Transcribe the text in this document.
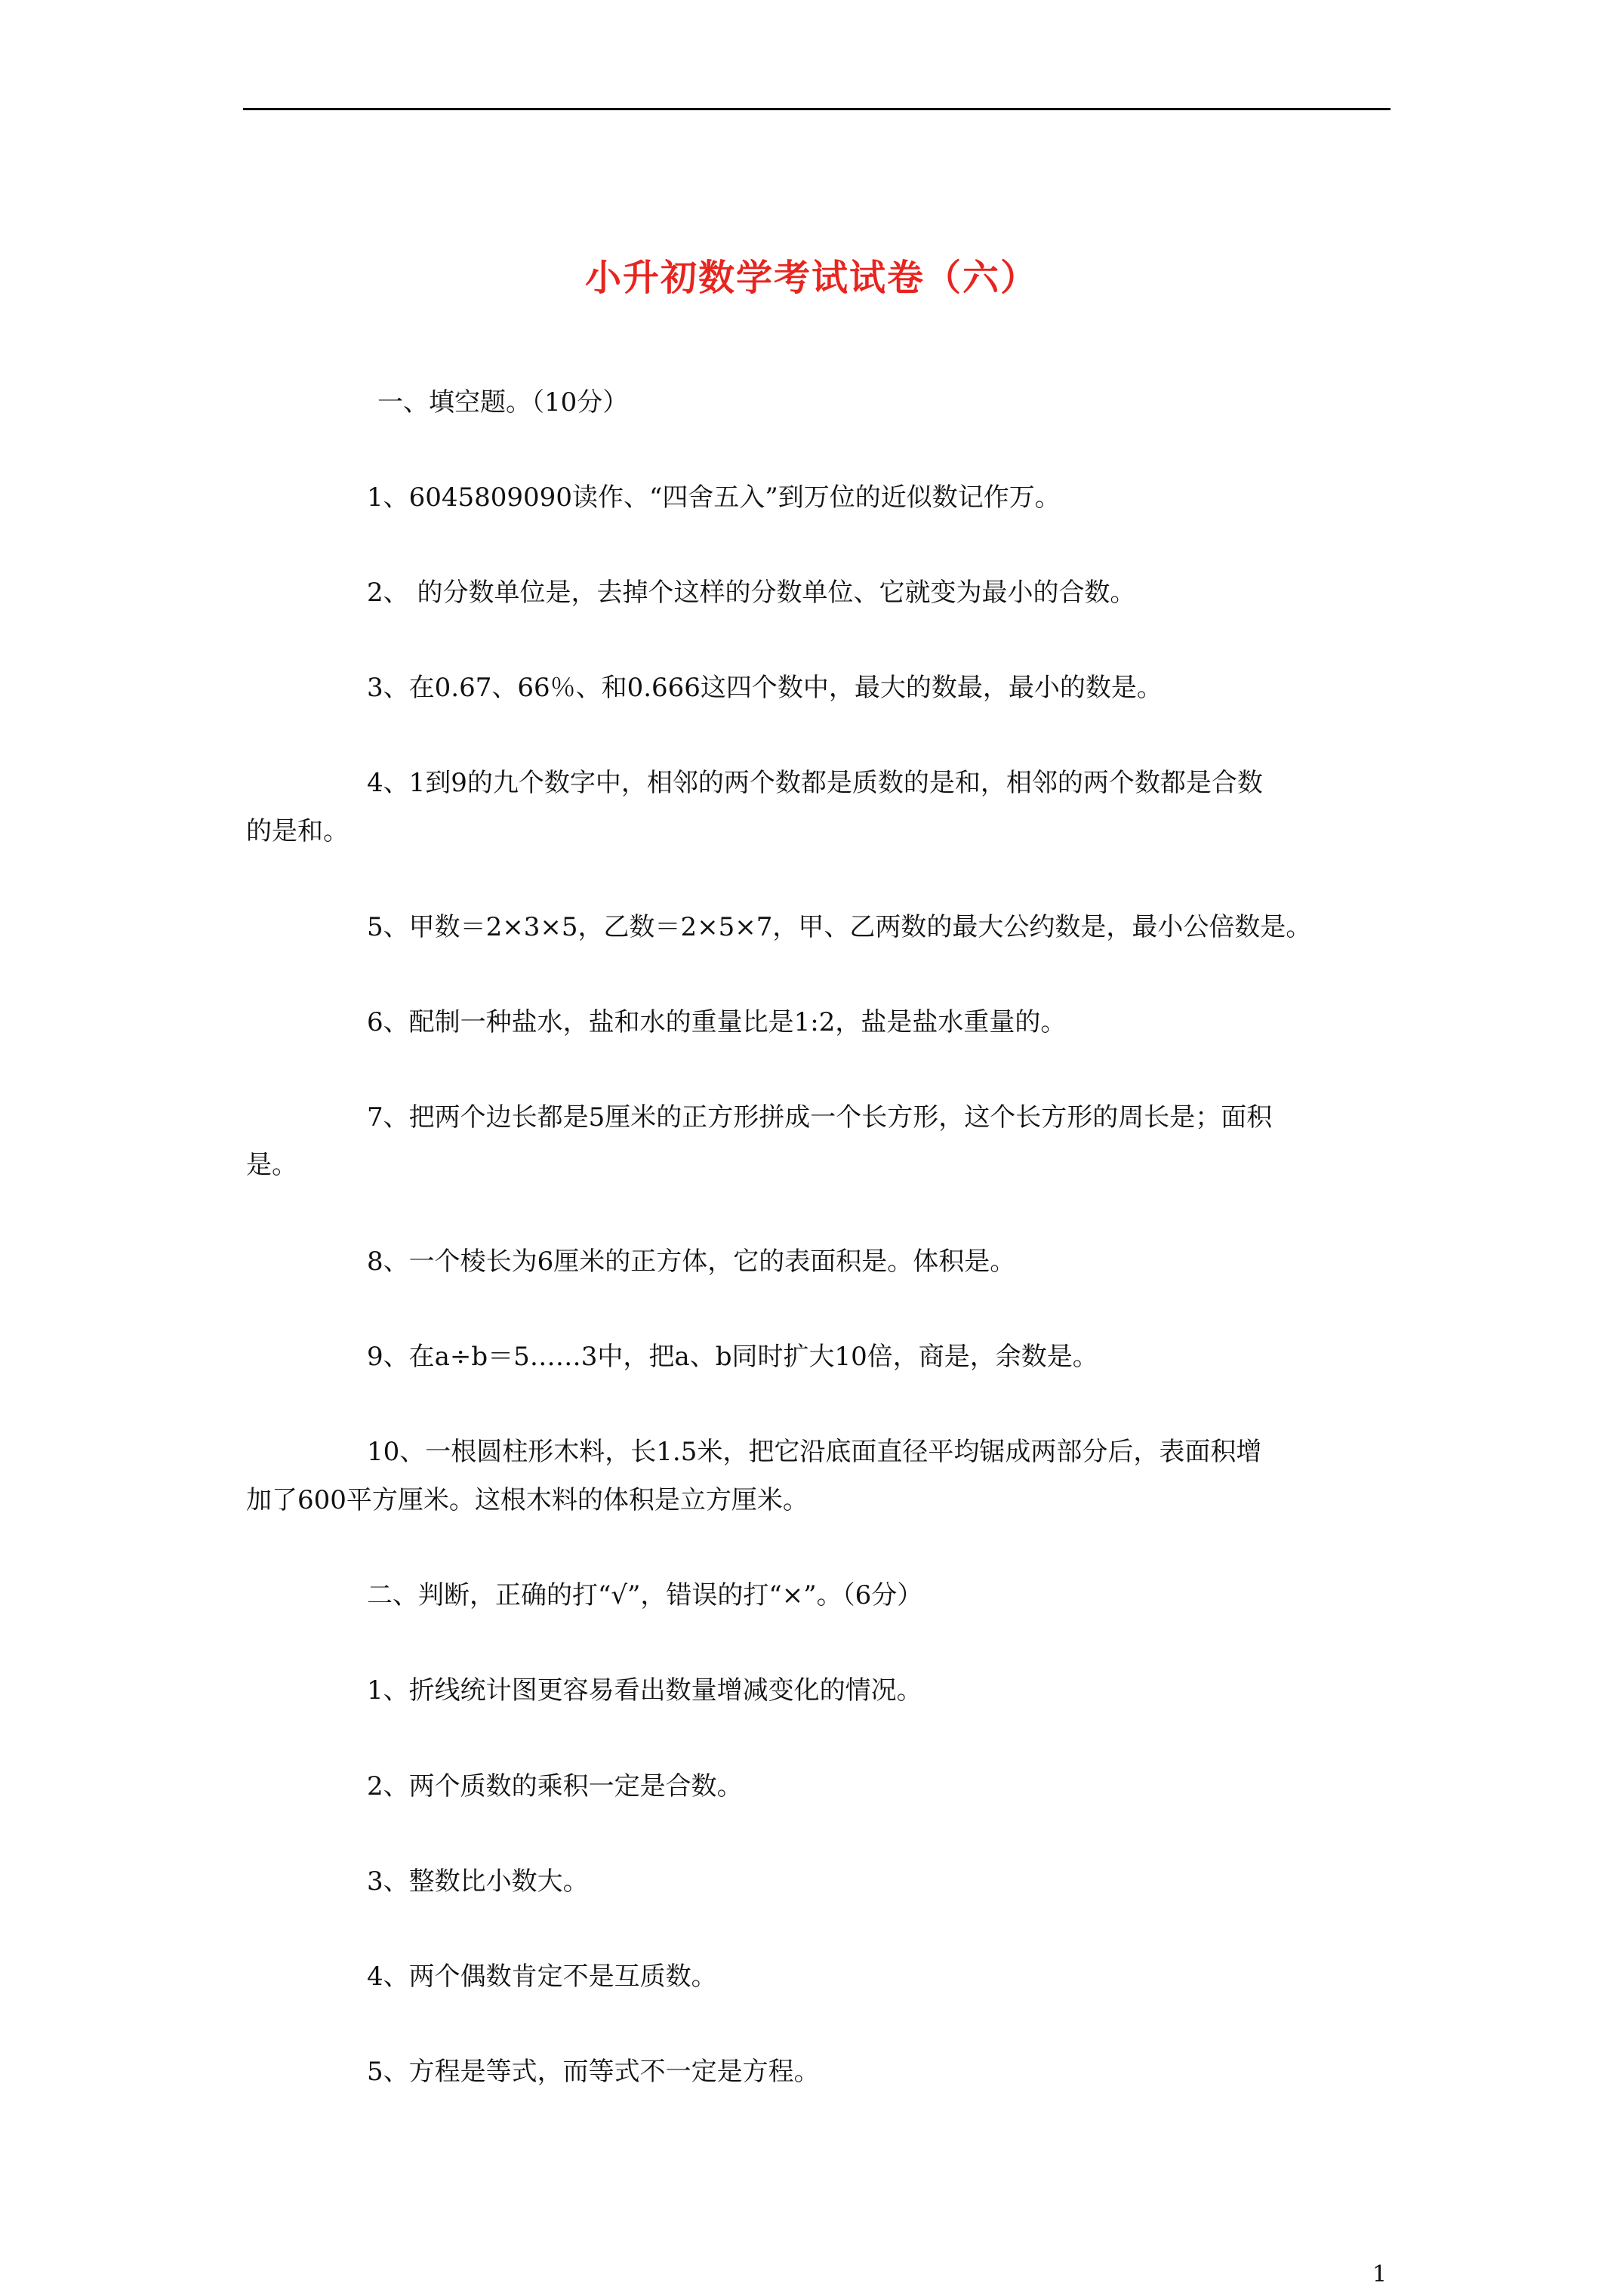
小升初数学考试试卷（六）
一、填空题。（10分）
1、6045809090读作、“四舍五入”到万位的近似数记作万。
2、 的分数单位是，去掉个这样的分数单位、它就变为最小的合数。
3、在0.67、66％、和0.666这四个数中，最大的数最，最小的数是。
4、1到9的九个数字中，相邻的两个数都是质数的是和，相邻的两个数都是合数
的是和。
5、甲数＝2×3×5，乙数＝2×5×7，甲、乙两数的最大公约数是，最小公倍数是。
6、配制一种盐水，盐和水的重量比是1:2，盐是盐水重量的。
7、把两个边长都是5厘米的正方形拼成一个长方形，这个长方形的周长是；面积
是。
8、一个棱长为6厘米的正方体，它的表面积是。体积是。
9、在a÷b＝5……3中，把a、b同时扩大10倍，商是，余数是。
10、一根圆柱形木料，长1.5米，把它沿底面直径平均锯成两部分后，表面积增
加了600平方厘米。这根木料的体积是立方厘米。
二、判断，正确的打“√”，错误的打“×”。（6分）
1、折线统计图更容易看出数量增减变化的情况。
2、两个质数的乘积一定是合数。
3、整数比小数大。
4、两个偶数肯定不是互质数。
5、方程是等式，而等式不一定是方程。
1
